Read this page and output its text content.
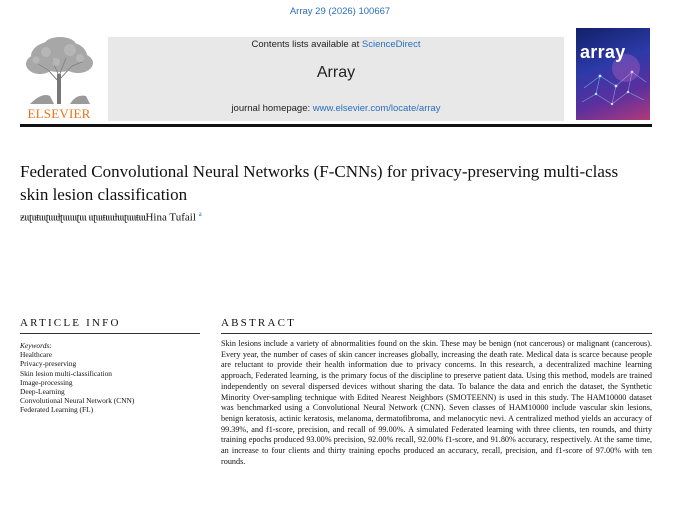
Array 29 (2026) 100667
ELSEVIER
Contents lists available at ScienceDirect
Array
journal homepage: www.elsevier.com/locate/array
array
Federated Convolutional Neural Networks (F-CNNs) for privacy-preserving multi-class skin lesion classification
ƶɩɩʈɩɩŧɩɩɩʈɩɩɩɩƚʈɩɩɩɩɩɩʈɩɩɩ ɩɩʈɩɩɩŧɩɩɩɩƚɩɩɩʈɩɩɩɩŧɩɩɩHina Tufail $^a$
ARTICLE INFO	ABSTRACT
Keywords:
Healthcare
Privacy-preserving
Skin lesion multi-classification
Image-processing
Deep-Learning
Convolutional Neural Network (CNN)
Federated Learning (FL)

Skin lesions include a variety of abnormalities found on the skin. These may be benign (not cancerous) or malignant (cancerous). Every year, the number of cases of skin cancer increases globally, increasing the death rate. Medical data is scarce because people are reluctant to provide their health information due to privacy concerns. In this research, a decentralized machine learning approach, Federated learning, is the primary focus of the discipline to preserve patient data. Using this method, models are trained independently on several dispersed devices without sharing the data. To balance the data and enrich the dataset, the Synthetic Minority Over-sampling technique with Edited Nearest Neighbors (SMOTEENN) is used in this study. The HAM10000 dataset was benchmarked using a Convolutional Neural Network (CNN). Seven classes of HAM10000 include vascular skin lesions, benign keratosis, actinic keratosis, melanoma, dermatofibroma, and melanocytic nevi. A centralized method yields an accuracy of 99.39%, and f1-score, precision, and recall of 99.00%. A simulated Federated learning with three clients, ten rounds, and thirty training epochs produced 93.00% precision, 92.00% recall, 92.00% f1-score, and 91.80% accuracy, respectively. At the same time, an increase to four clients and thirty training epochs produced an accuracy, recall, precision, and f1-score of 97.00% with ten rounds.
